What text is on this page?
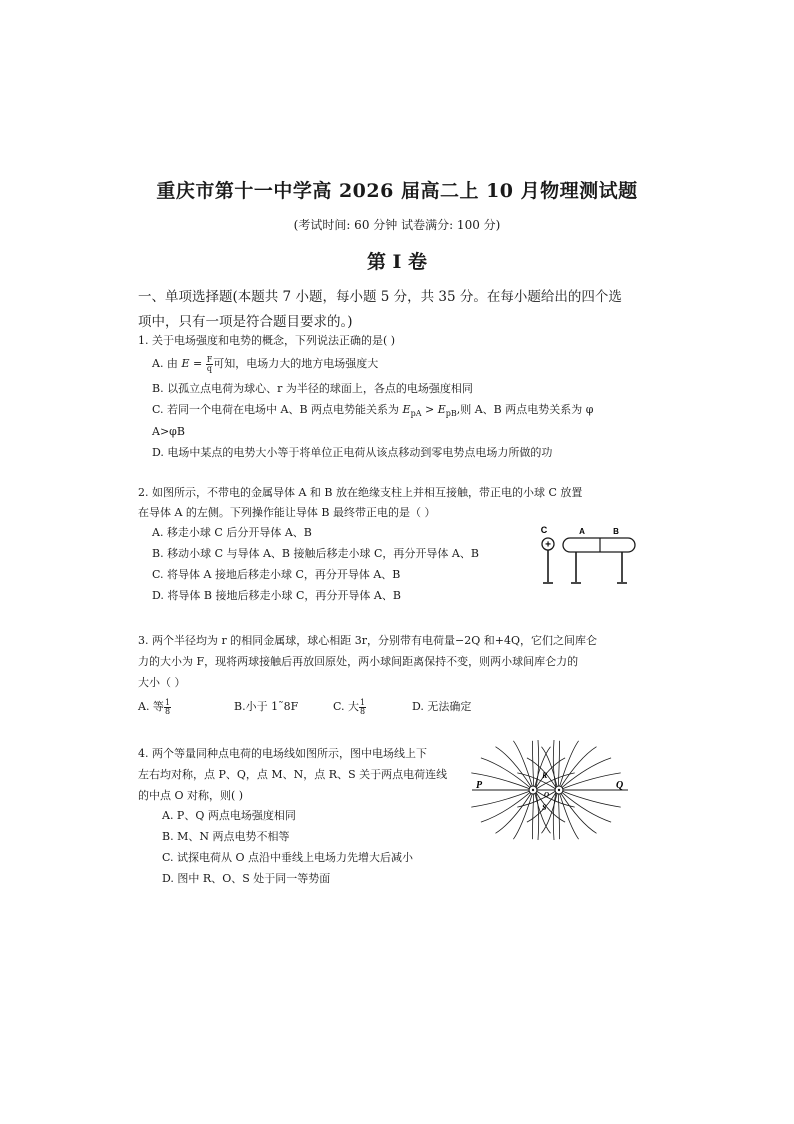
重庆市第十一中学高 2026 届高二上 10 月物理测试题
(考试时间: 60 分钟 试卷满分: 100 分)
第 I 卷
一、单项选择题(本题共 7 小题，每小题 5 分，共 35 分。在每小题给出的四个选
项中，只有一项是符合题目要求的。)
1. 关于电场强度和电势的概念，下列说法正确的是( )
A. 由 $E = \frac{F}{q}$ 可知，电场力大的地方电场强度大
B. 以孤立点电荷为球心、r 为半径的球面上，各点的电场强度相同
C. 若同一个电荷在电场中 A、B 两点电势能关系为 $E_{pA} > E_{pB}$,则 A、B 两点电势关系为 φ
A>φB
D. 电场中某点的电势大小等于将单位正电荷从该点移动到零电势点电场力所做的功
2. 如图所示，不带电的金属导体 A 和 B 放在绝缘支柱上并相互接触，带正电的小球 C 放置
在导体 A 的左侧。下列操作能让导体 B 最终带正电的是（ ）
A. 移走小球 C 后分开导体 A、B
B. 移动小球 C 与导体 A、B 接触后移走小球 C，再分开导体 A、B
C. 将导体 A 接地后移走小球 C，再分开导体 A、B
D. 将导体 B 接地后移走小球 C，再分开导体 A、B
C	A	B
+
3. 两个半径均为 r 的相同金属球，球心相距 3r，分别带有电荷量−2Q 和+4Q，它们之间库仑
力的大小为 F，现将两球接触后再放回原处，两小球间距离保持不变，则两小球间库仑力的
大小（ ）
A. 等 $\frac{1}{8}$	B.小于 1˜8F	C. 大 $\frac{1}{8}$	D. 无法确定
4. 两个等量同种点电荷的电场线如图所示，图中电场线上下
左右均对称，点 P、Q，点 M、N，点 R、S 关于两点电荷连线
的中点 O 对称，则( )
A. P、Q 两点电场强度相同
B. M、N 两点电势不相等
C. 试探电荷从 O 点沿中垂线上电场力先增大后减小
D. 图中 R、O、S 处于同一等势面
P	Q
R
O
S
